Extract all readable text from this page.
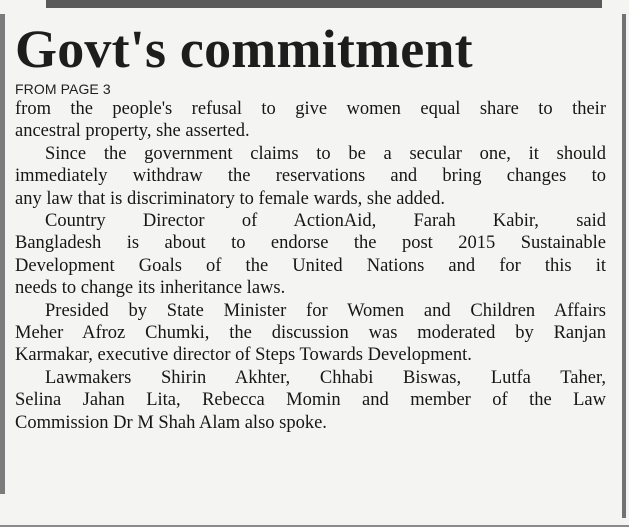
Govt's commitment
FROM PAGE 3
from the people's refusal to give women equal share to their
ancestral property, she asserted.
Since the government claims to be a secular one, it should
immediately withdraw the reservations and bring changes to
any law that is discriminatory to female wards, she added.
Country Director of ActionAid, Farah Kabir, said
Bangladesh is about to endorse the post 2015 Sustainable
Development Goals of the United Nations and for this it
needs to change its inheritance laws.
Presided by State Minister for Women and Children Affairs
Meher Afroz Chumki, the discussion was moderated by Ranjan
Karmakar, executive director of Steps Towards Development.
Lawmakers Shirin Akhter, Chhabi Biswas, Lutfa Taher,
Selina Jahan Lita, Rebecca Momin and member of the Law
Commission Dr M Shah Alam also spoke.
